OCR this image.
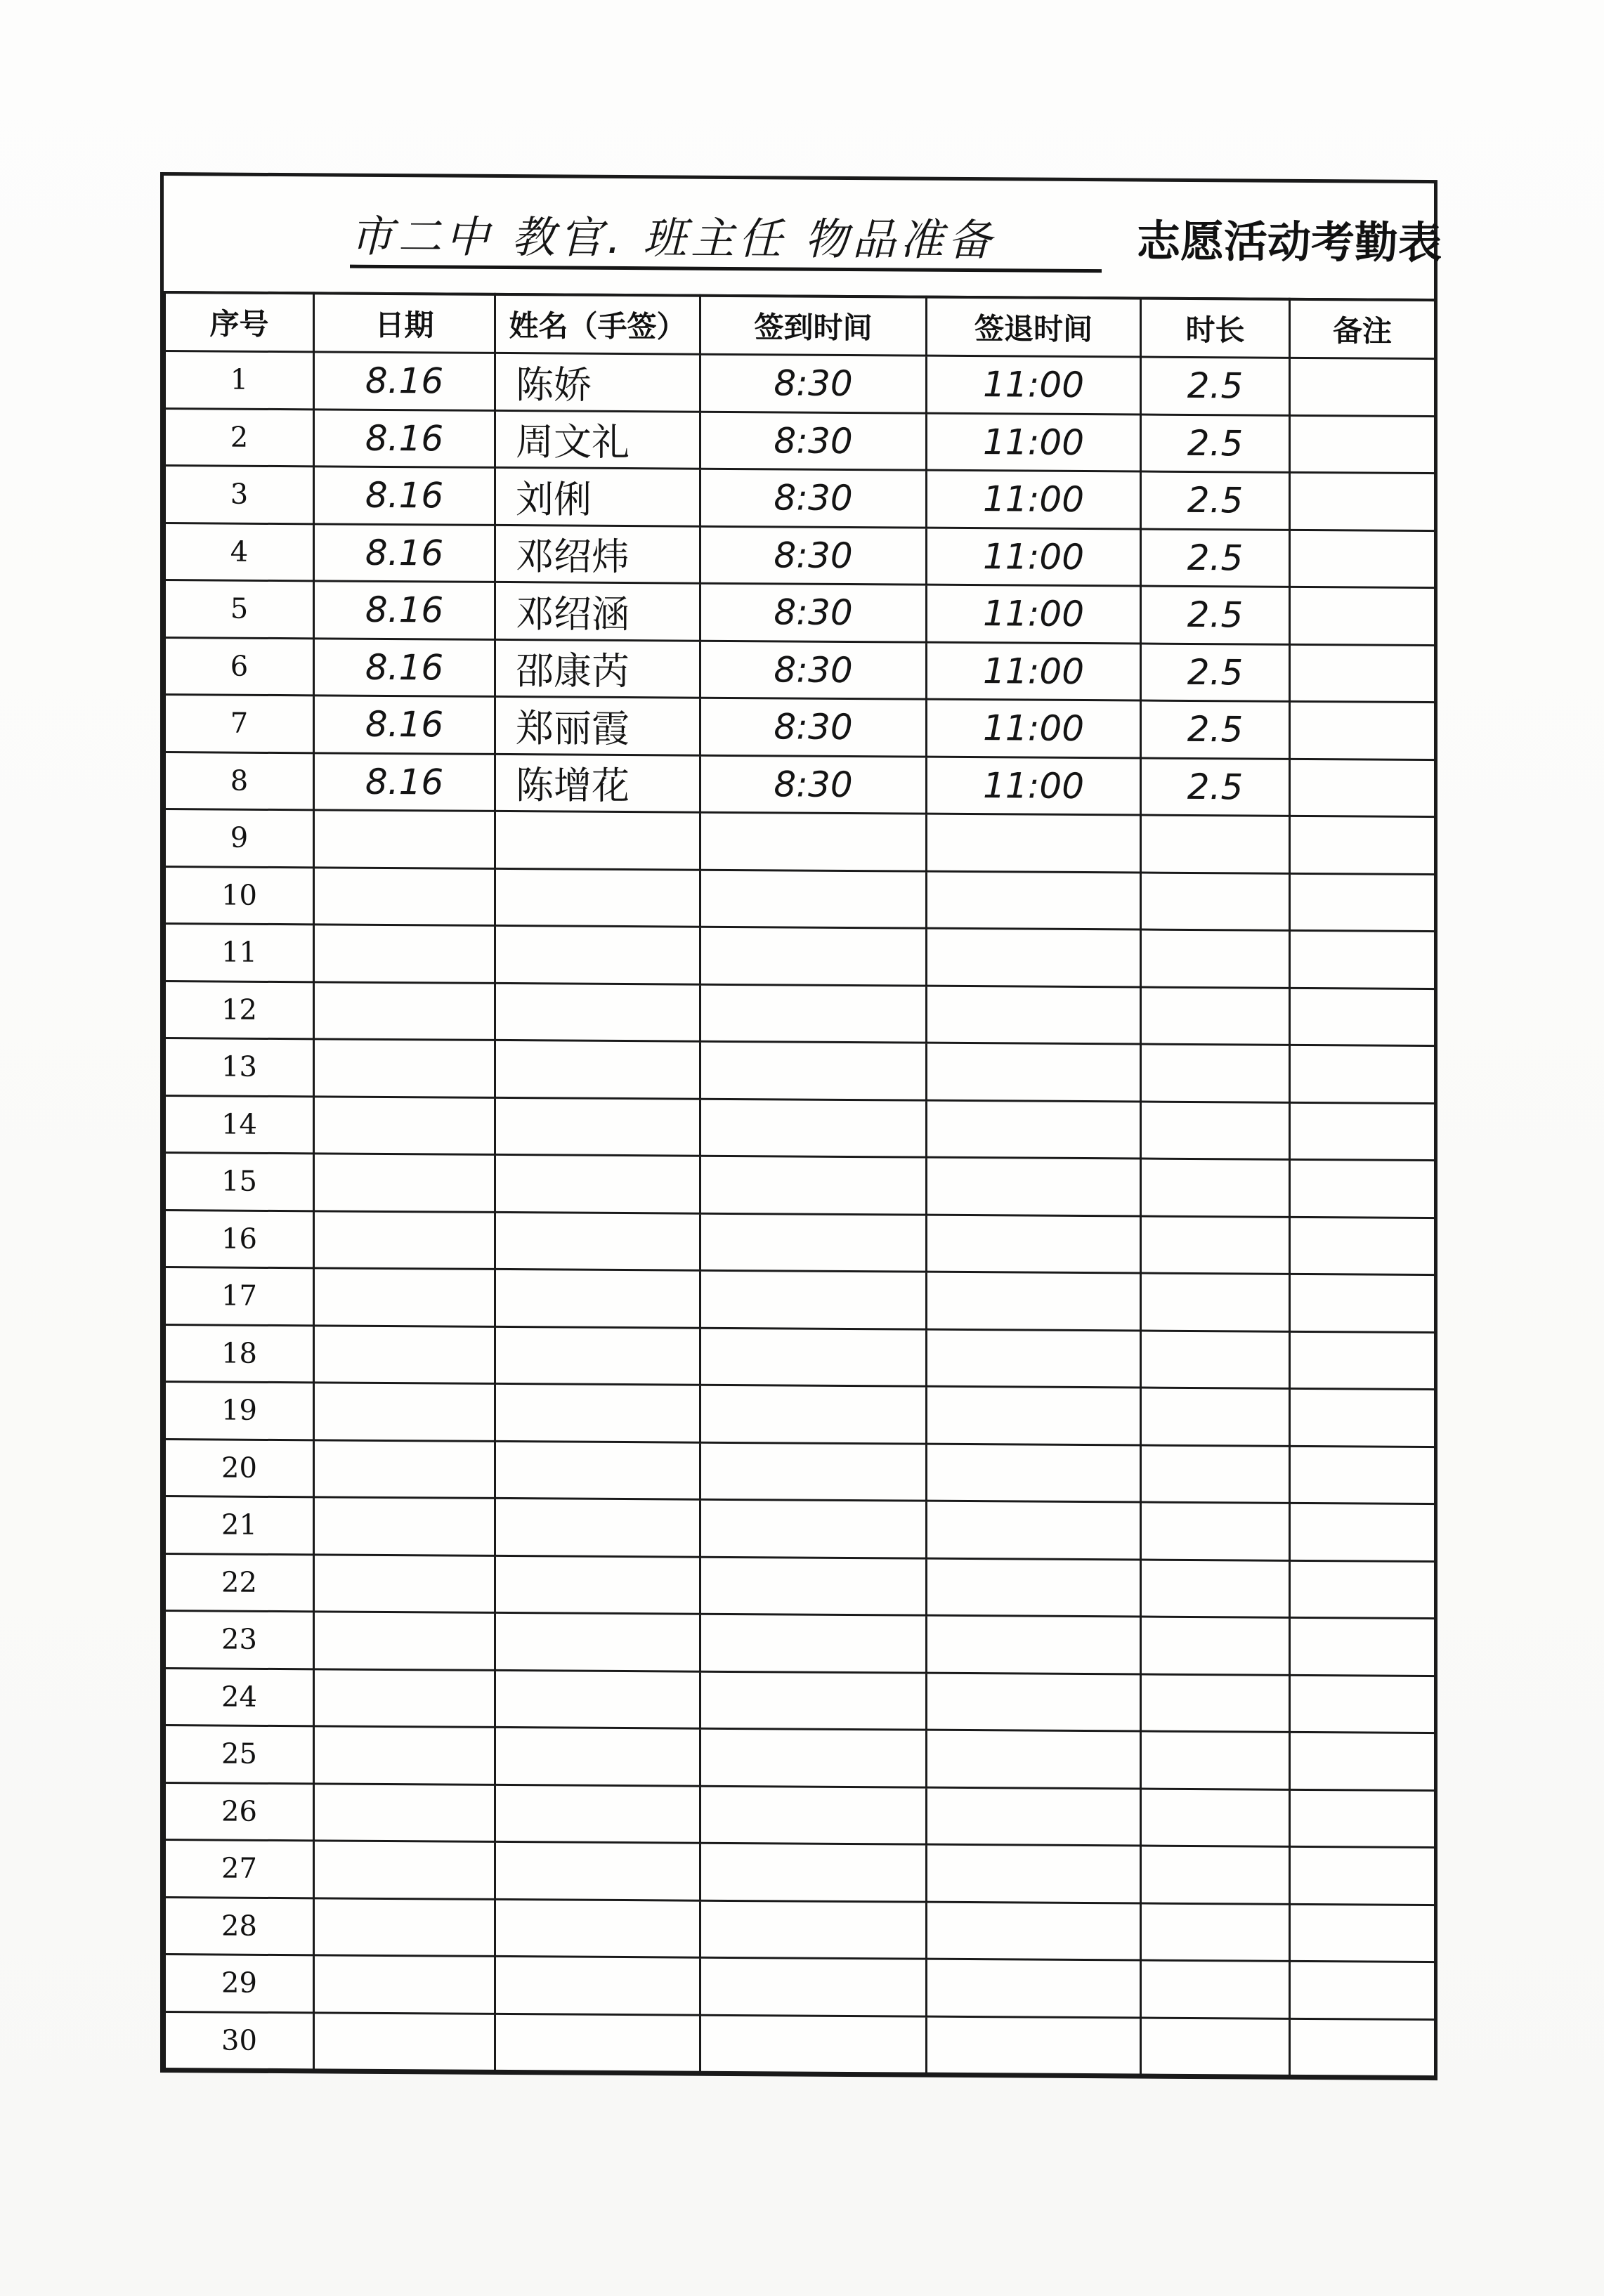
市二中 教官. 班主任 物品准备	志愿活动考勤表
序号	日期	姓名（手签）	签到时间	签退时间	时长	备注
1	8.16	陈娇	8:30	11:00	2.5	
2	8.16	周文礼	8:30	11:00	2.5	
3	8.16	刘俐	8:30	11:00	2.5	
4	8.16	邓绍炜	8:30	11:00	2.5	
5	8.16	邓绍涵	8:30	11:00	2.5	
6	8.16	邵康芮	8:30	11:00	2.5	
7	8.16	郑丽霞	8:30	11:00	2.5	
8	8.16	陈增花	8:30	11:00	2.5	
9						
10						
11						
12						
13						
14						
15						
16						
17						
18						
19						
20						
21						
22						
23						
24						
25						
26						
27						
28						
29						
30						
